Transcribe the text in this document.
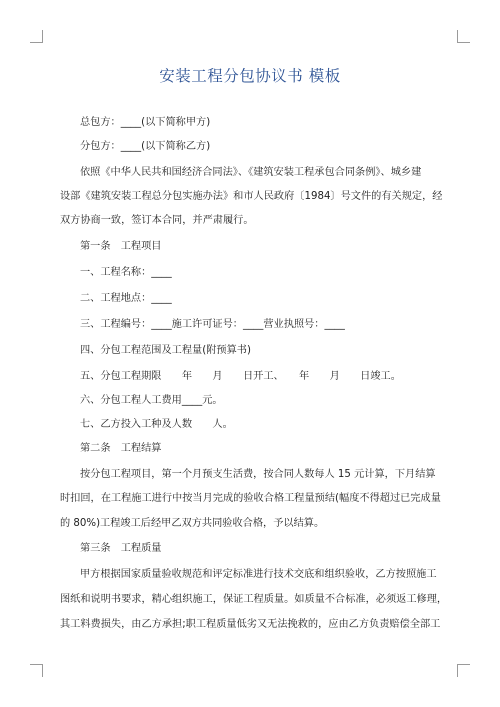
安装工程分包协议书 模板
总包方：____(以下简称甲方)
分包方：____(以下简称乙方)
依照《中华人民共和国经济合同法》、《建筑安装工程承包合同条例》、城乡建
设部《建筑安装工程总分包实施办法》和市人民政府〔1984〕号文件的有关规定，经
双方协商一致，签订本合同，并严肃履行。
第一条　工程项目
一、工程名称：____
二、工程地点：____
三、工程编号：____施工许可证号：____营业执照号：____
四、分包工程范围及工程量(附预算书)
五、分包工程期限　　年　　月　　日开工、　　年　　月　　日竣工。
六、分包工程人工费用____元。
七、乙方投入工种及人数　　人。
第二条　工程结算
按分包工程项目，第一个月预支生活费，按合同人数每人 15 元计算，下月结算
时扣回，在工程施工进行中按当月完成的验收合格工程量预结(幅度不得超过已完成量
的 80%)工程竣工后经甲乙双方共同验收合格，予以结算。
第三条　工程质量
甲方根据国家质量验收规范和评定标准进行技术交底和组织验收，乙方按照施工
图纸和说明书要求，精心组织施工，保证工程质量。如质量不合标准，必须返工修理，
其工料费损失，由乙方承担;职工程质量低劣又无法挽救的，应由乙方负责赔偿全部工
